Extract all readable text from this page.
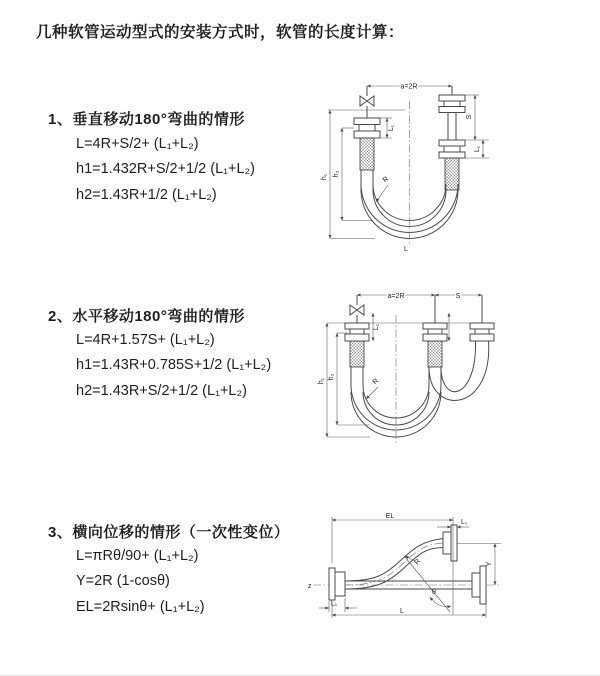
几种软管运动型式的安装方式时，软管的长度计算：
1、垂直移动180°弯曲的情形
L=4R+S/2+ (L₁+L₂)
h1=1.432R+S/2+1/2 (L₁+L₂)
h2=1.43R+1/2 (L₁+L₂)
2、水平移动180°弯曲的情形
L=4R+1.57S+ (L₁+L₂)
h1=1.43R+0.785S+1/2 (L₁+L₂)
h2=1.43R+S/2+1/2 (L₁+L₂)
3、横向位移的情形（一次性变位）
L=πRθ/90+ (L₁+L₂)
Y=2R (1-cosθ)
EL=2Rsinθ+ (L₁+L₂)
a=2R
h₁ h₂
S
L₁
L₁
R
L
a=2R	S
h₁
h₂
L₁
R
z
EL
L₁
Y
θ
R
L
L₁
